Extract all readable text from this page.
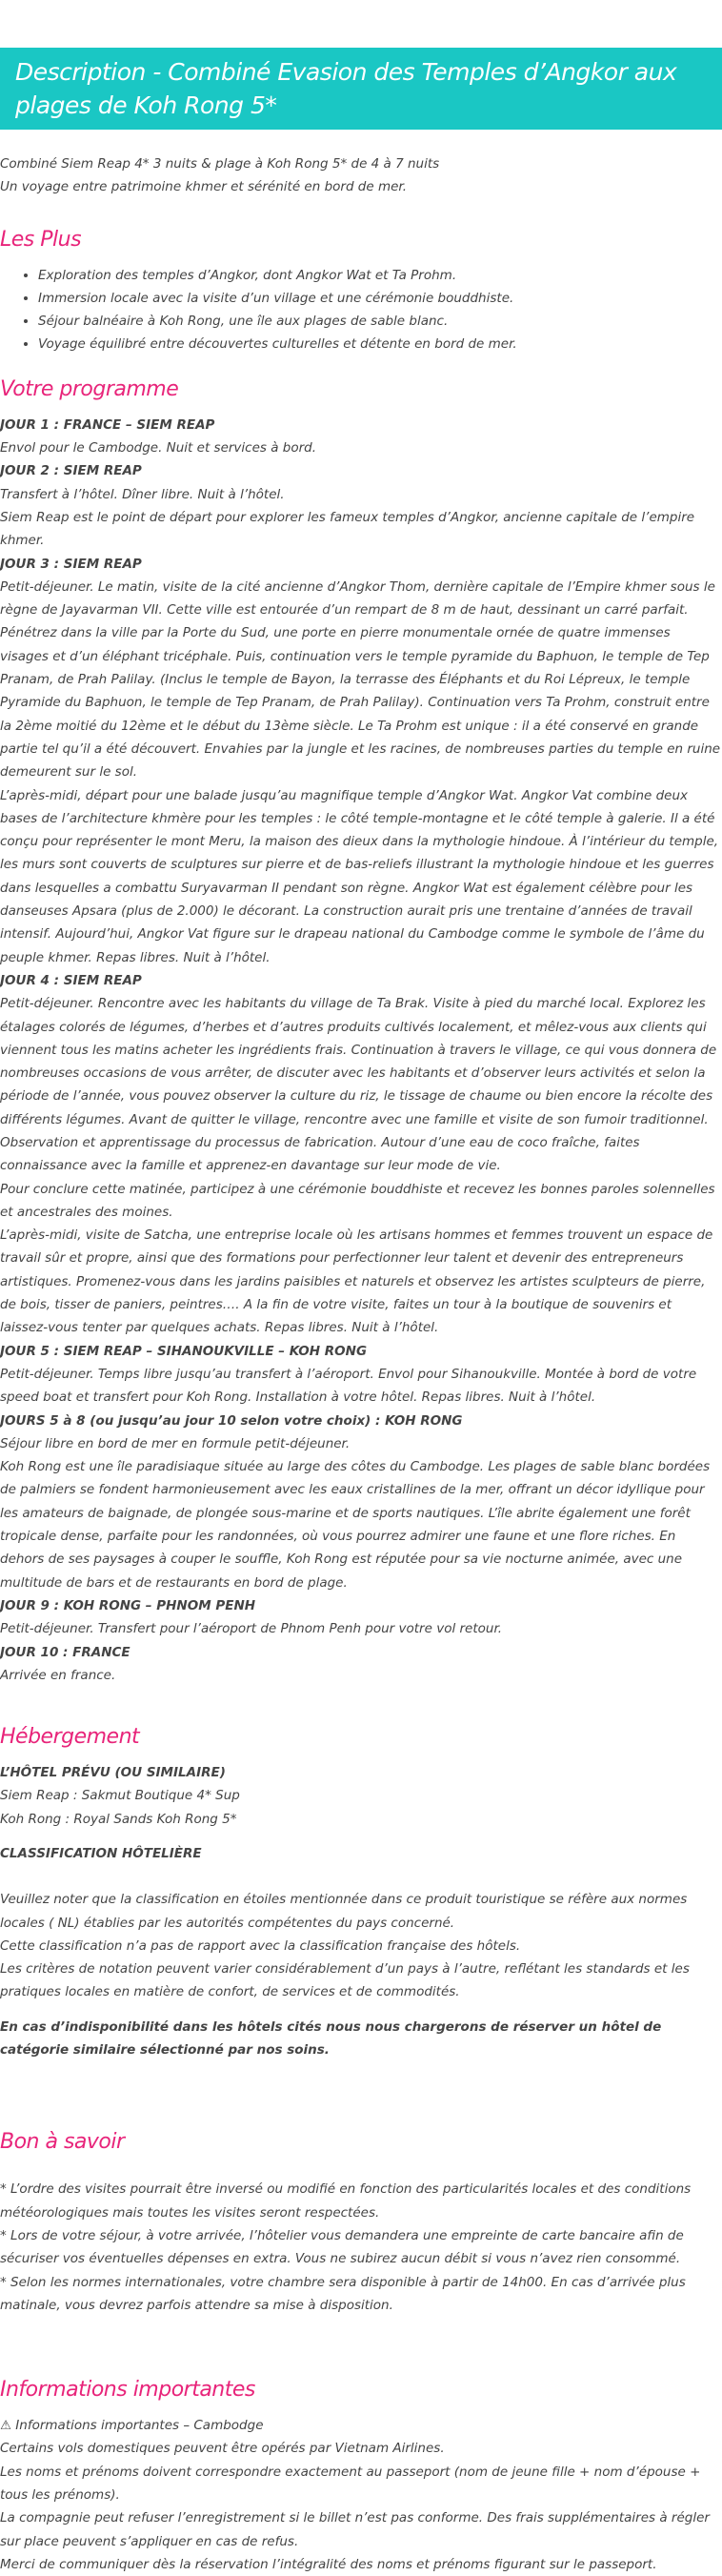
Description - Combiné Evasion des Temples d’Angkor aux plages de Koh Rong 5*

Combiné Siem Reap 4* 3 nuits & plage à Koh Rong 5* de 4 à 7 nuits

Un voyage entre patrimoine khmer et sérénité en bord de mer.

Les Plus
• Exploration des temples d’Angkor, dont Angkor Wat et Ta Prohm.
• Immersion locale avec la visite d’un village et une cérémonie bouddhiste.
• Séjour balnéaire à Koh Rong, une île aux plages de sable blanc.
• Voyage équilibré entre découvertes culturelles et détente en bord de mer.
Votre programme

JOUR 1 : FRANCE – SIEM REAP

Envol pour le Cambodge. Nuit et services à bord.

JOUR 2 : SIEM REAP

Transfert à l’hôtel. Dîner libre. Nuit à l’hôtel.

Siem Reap est le point de départ pour explorer les fameux temples d’Angkor, ancienne capitale de l’empire khmer.

JOUR 3 : SIEM REAP

Petit-déjeuner. Le matin, visite de la cité ancienne d’Angkor Thom, dernière capitale de l’Empire khmer sous le règne de Jayavarman VII. Cette ville est entourée d’un rempart de 8 m de haut, dessinant un carré parfait. Pénétrez dans la ville par la Porte du Sud, une porte en pierre monumentale ornée de quatre immenses visages et d’un éléphant tricéphale. Puis, continuation vers le temple pyramide du Baphuon, le temple de Tep Pranam, de Prah Palilay. (Inclus le temple de Bayon, la terrasse des Éléphants et du Roi Lépreux, le temple Pyramide du Baphuon, le temple de Tep Pranam, de Prah Palilay). Continuation vers Ta Prohm, construit entre la 2ème moitié du 12ème et le début du 13ème siècle. Le Ta Prohm est unique : il a été conservé en grande partie tel qu’il a été découvert. Envahies par la jungle et les racines, de nombreuses parties du temple en ruine demeurent sur le sol.

L’après-midi, départ pour une balade jusqu’au magnifique temple d’Angkor Wat. Angkor Vat combine deux bases de l’architecture khmère pour les temples : le côté temple-montagne et le côté temple à galerie. Il a été conçu pour représenter le mont Meru, la maison des dieux dans la mythologie hindoue. À l’intérieur du temple, les murs sont couverts de sculptures sur pierre et de bas-reliefs illustrant la mythologie hindoue et les guerres dans lesquelles a combattu Suryavarman II pendant son règne. Angkor Wat est également célèbre pour les danseuses Apsara (plus de 2.000) le décorant. La construction aurait pris une trentaine d’années de travail intensif. Aujourd’hui, Angkor Vat figure sur le drapeau national du Cambodge comme le symbole de l’âme du peuple khmer. Repas libres. Nuit à l’hôtel.

JOUR 4 : SIEM REAP

Petit-déjeuner. Rencontre avec les habitants du village de Ta Brak. Visite à pied du marché local. Explorez les étalages colorés de légumes, d’herbes et d’autres produits cultivés localement, et mêlez-vous aux clients qui viennent tous les matins acheter les ingrédients frais. Continuation à travers le village, ce qui vous donnera de nombreuses occasions de vous arrêter, de discuter avec les habitants et d’observer leurs activités et selon la période de l’année, vous pouvez observer la culture du riz, le tissage de chaume ou bien encore la récolte des différents légumes. Avant de quitter le village, rencontre avec une famille et visite de son fumoir traditionnel. Observation et apprentissage du processus de fabrication. Autour d’une eau de coco fraîche, faites connaissance avec la famille et apprenez-en davantage sur leur mode de vie.

Pour conclure cette matinée, participez à une cérémonie bouddhiste et recevez les bonnes paroles solennelles et ancestrales des moines.

L’après-midi, visite de Satcha, une entreprise locale où les artisans hommes et femmes trouvent un espace de travail sûr et propre, ainsi que des formations pour perfectionner leur talent et devenir des entrepreneurs artistiques. Promenez-vous dans les jardins paisibles et naturels et observez les artistes sculpteurs de pierre, de bois, tisser de paniers, peintres…. A la fin de votre visite, faites un tour à la boutique de souvenirs et laissez-vous tenter par quelques achats. Repas libres. Nuit à l’hôtel.

JOUR 5 : SIEM REAP – SIHANOUKVILLE – KOH RONG

Petit-déjeuner. Temps libre jusqu’au transfert à l’aéroport. Envol pour Sihanoukville. Montée à bord de votre speed boat et transfert pour Koh Rong. Installation à votre hôtel. Repas libres. Nuit à l’hôtel.

JOURS 5 à 8 (ou jusqu’au jour 10 selon votre choix) : KOH RONG

Séjour libre en bord de mer en formule petit-déjeuner.

Koh Rong est une île paradisiaque située au large des côtes du Cambodge. Les plages de sable blanc bordées de palmiers se fondent harmonieusement avec les eaux cristallines de la mer, offrant un décor idyllique pour les amateurs de baignade, de plongée sous-marine et de sports nautiques. L’île abrite également une forêt tropicale dense, parfaite pour les randonnées, où vous pourrez admirer une faune et une flore riches. En dehors de ses paysages à couper le souffle, Koh Rong est réputée pour sa vie nocturne animée, avec une multitude de bars et de restaurants en bord de plage.

JOUR 9 : KOH RONG – PHNOM PENH

Petit-déjeuner. Transfert pour l’aéroport de Phnom Penh pour votre vol retour.

JOUR 10 : FRANCE

Arrivée en france.

Hébergement

L’HÔTEL PRÉVU (OU SIMILAIRE)

Siem Reap : Sakmut Boutique 4* Sup

Koh Rong : Royal Sands Koh Rong 5*

CLASSIFICATION HÔTELIÈRE

Veuillez noter que la classification en étoiles mentionnée dans ce produit touristique se réfère aux normes locales ( NL) établies par les autorités compétentes du pays concerné.

Cette classification n’a pas de rapport avec la classification française des hôtels.

Les critères de notation peuvent varier considérablement d’un pays à l’autre, reflétant les standards et les pratiques locales en matière de confort, de services et de commodités.

En cas d’indisponibilité dans les hôtels cités nous nous chargerons de réserver un hôtel de catégorie similaire sélectionné par nos soins.

Bon à savoir

* L’ordre des visites pourrait être inversé ou modifié en fonction des particularités locales et des conditions météorologiques mais toutes les visites seront respectées.

* Lors de votre séjour, à votre arrivée, l’hôtelier vous demandera une empreinte de carte bancaire afin de sécuriser vos éventuelles dépenses en extra. Vous ne subirez aucun débit si vous n’avez rien consommé.

* Selon les normes internationales, votre chambre sera disponible à partir de 14h00. En cas d’arrivée plus matinale, vous devrez parfois attendre sa mise à disposition.

Informations importantes

⚠ Informations importantes – Cambodge

Certains vols domestiques peuvent être opérés par Vietnam Airlines.

Les noms et prénoms doivent correspondre exactement au passeport (nom de jeune fille + nom d’épouse + tous les prénoms).

La compagnie peut refuser l’enregistrement si le billet n’est pas conforme. Des frais supplémentaires à régler sur place peuvent s’appliquer en cas de refus.

Merci de communiquer dès la réservation l’intégralité des noms et prénoms figurant sur le passeport.
